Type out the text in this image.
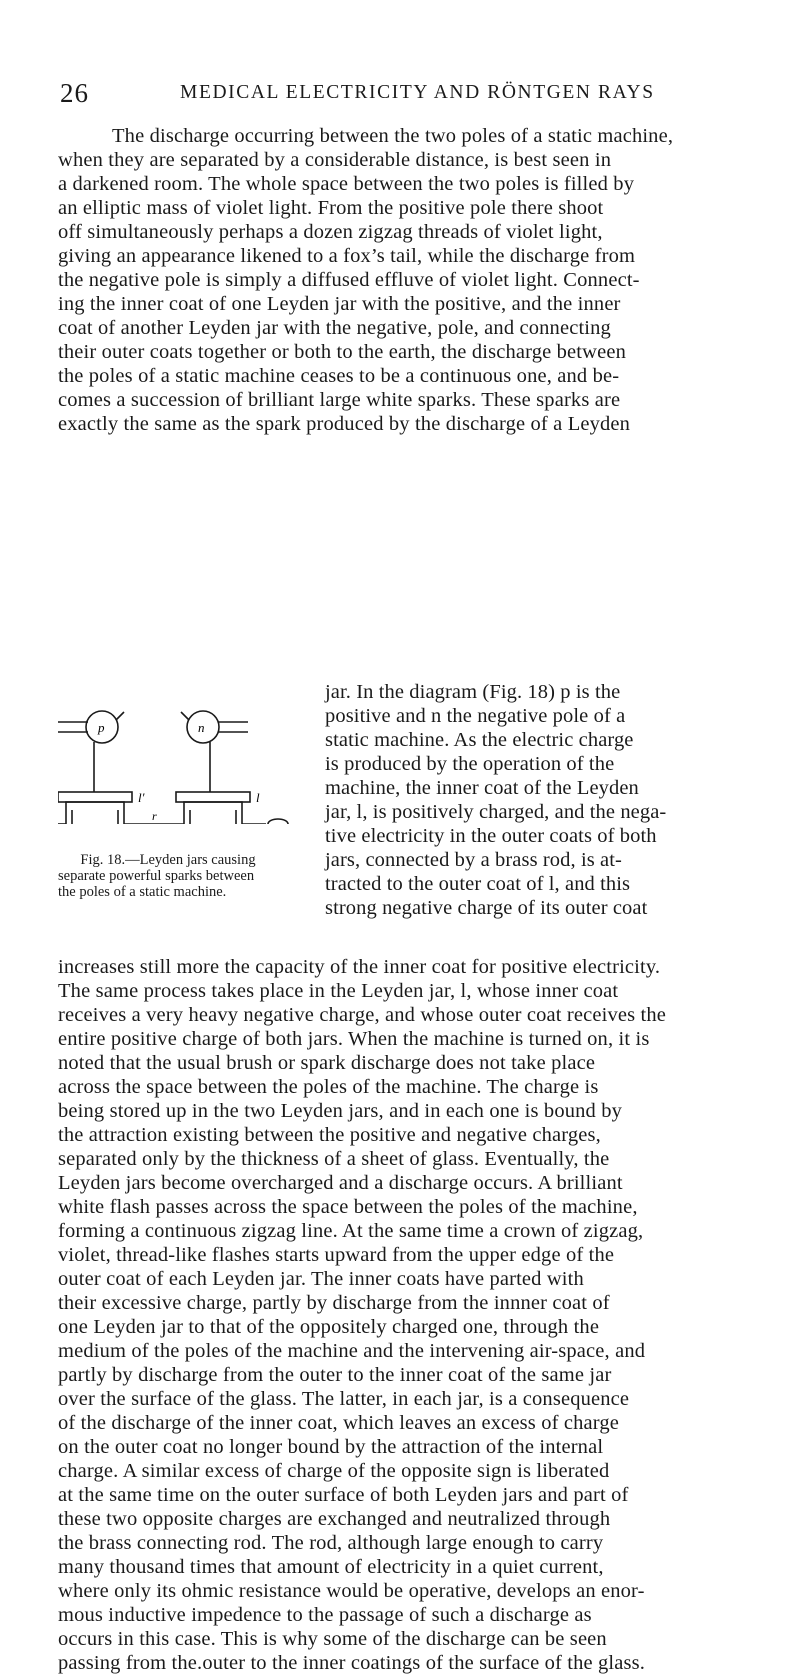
26	MEDICAL ELECTRICITY AND RÖNTGEN RAYS
The discharge occurring between the two poles of a static machine,
when they are separated by a considerable distance, is best seen in
a darkened room. The whole space between the two poles is filled by
an elliptic mass of violet light. From the positive pole there shoot
off simultaneously perhaps a dozen zigzag threads of violet light,
giving an appearance likened to a fox’s tail, while the discharge from
the negative pole is simply a diffused effluve of violet light. Connect-
ing the inner coat of one Leyden jar with the positive, and the inner
coat of another Leyden jar with the negative, pole, and connecting
their outer coats together or both to the earth, the discharge between
the poles of a static machine ceases to be a continuous one, and be-
comes a succession of brilliant large white sparks. These sparks are
exactly the same as the spark produced by the discharge of a Leyden
p	n
l′	l
r
Fig. 18.—Leyden jars causing
separate powerful sparks between
the poles of a static machine.
jar. In the diagram (Fig. 18) p is the
positive and n the negative pole of a
static machine. As the electric charge
is produced by the operation of the
machine, the inner coat of the Leyden
jar, l, is positively charged, and the nega-
tive electricity in the outer coats of both
jars, connected by a brass rod, is at-
tracted to the outer coat of l, and this
strong negative charge of its outer coat
increases still more the capacity of the inner coat for positive electricity.
The same process takes place in the Leyden jar, l, whose inner coat
receives a very heavy negative charge, and whose outer coat receives the
entire positive charge of both jars. When the machine is turned on, it is
noted that the usual brush or spark discharge does not take place
across the space between the poles of the machine. The charge is
being stored up in the two Leyden jars, and in each one is bound by
the attraction existing between the positive and negative charges,
separated only by the thickness of a sheet of glass. Eventually, the
Leyden jars become overcharged and a discharge occurs. A brilliant
white flash passes across the space between the poles of the machine,
forming a continuous zigzag line. At the same time a crown of zigzag,
violet, thread-like flashes starts upward from the upper edge of the
outer coat of each Leyden jar. The inner coats have parted with
their excessive charge, partly by discharge from the innner coat of
one Leyden jar to that of the oppositely charged one, through the
medium of the poles of the machine and the intervening air-space, and
partly by discharge from the outer to the inner coat of the same jar
over the surface of the glass. The latter, in each jar, is a consequence
of the discharge of the inner coat, which leaves an excess of charge
on the outer coat no longer bound by the attraction of the internal
charge. A similar excess of charge of the opposite sign is liberated
at the same time on the outer surface of both Leyden jars and part of
these two opposite charges are exchanged and neutralized through
the brass connecting rod. The rod, although large enough to carry
many thousand times that amount of electricity in a quiet current,
where only its ohmic resistance would be operative, develops an enor-
mous inductive impedence to the passage of such a discharge as
occurs in this case. This is why some of the discharge can be seen
passing from the.outer to the inner coatings of the surface of the glass.
